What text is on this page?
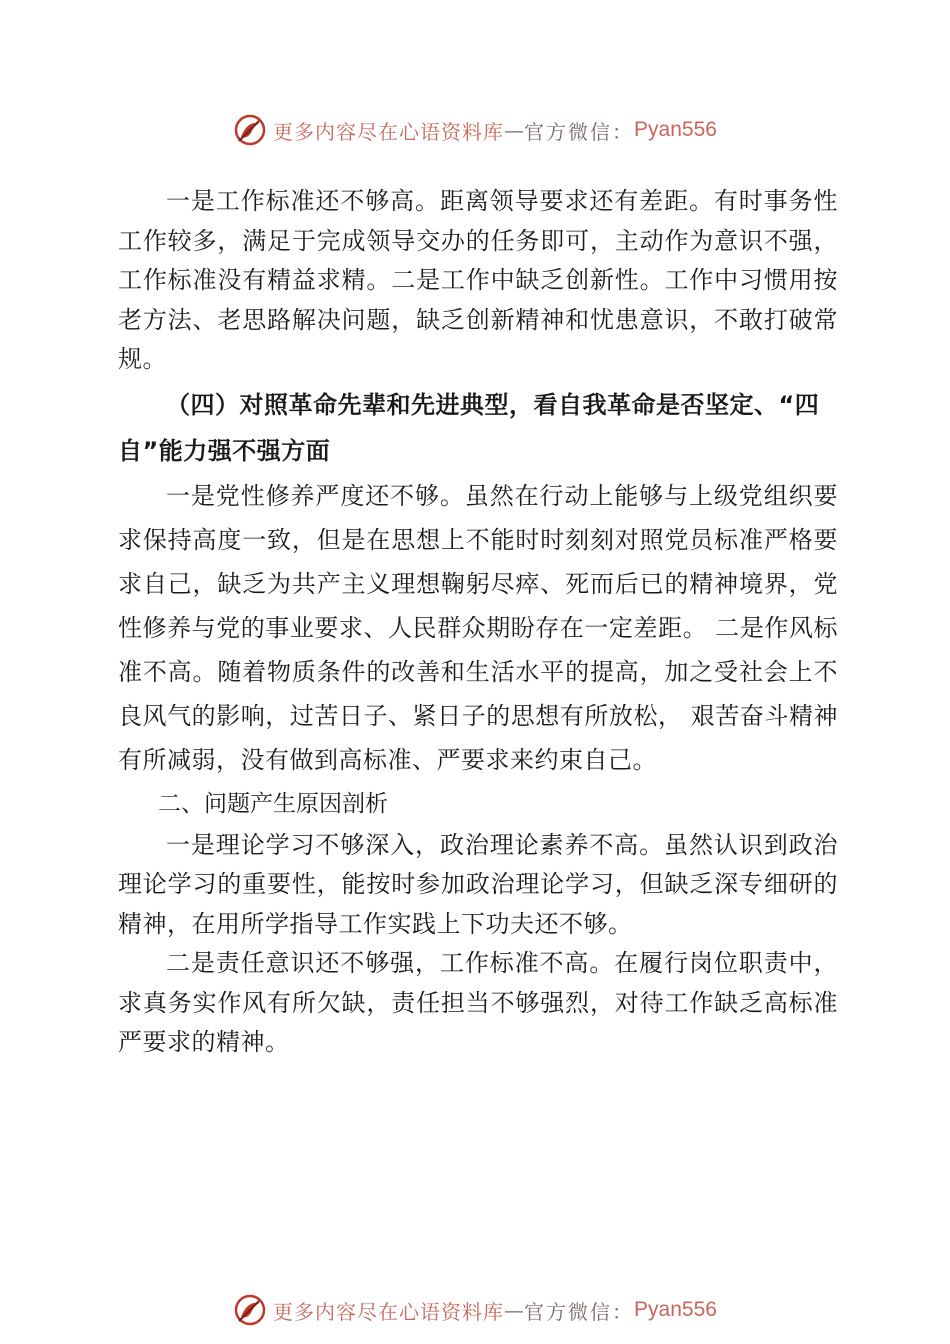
更多内容尽在心语资料库 — 官方微信： Pyan556

一是工作标准还不够高。距离领导要求还有差距。有时事务性工作较多，满足于完成领导交办的任务即可，主动作为意识不强，工作标准没有精益求精。二是工作中缺乏创新性。工作中习惯用按老方法、老思路解决问题，缺乏创新精神和忧患意识，不敢打破常规。

（四）对照革命先辈和先进典型，看自我革命是否坚定、“四自”能力强不强方面

一是党性修养严度还不够。虽然在行动上能够与上级党组织要求保持高度一致，但是在思想上不能时时刻刻对照党员标准严格要求自己，缺乏为共产主义理想鞠躬尽瘁、死而后已的精神境界，党性修养与党的事业要求、人民群众期盼存在一定差距。 二是作风标准不高。随着物质条件的改善和生活水平的提高，加之受社会上不良风气的影响，过苦日子、紧日子的思想有所放松， 艰苦奋斗精神有所减弱，没有做到高标准、严要求来约束自己。

二、问题产生原因剖析

一是理论学习不够深入，政治理论素养不高。虽然认识到政治理论学习的重要性，能按时参加政治理论学习，但缺乏深专细研的精神，在用所学指导工作实践上下功夫还不够。

二是责任意识还不够强，工作标准不高。在履行岗位职责中，求真务实作风有所欠缺，责任担当不够强烈，对待工作缺乏高标准严要求的精神。

更多内容尽在心语资料库 — 官方微信： Pyan556
